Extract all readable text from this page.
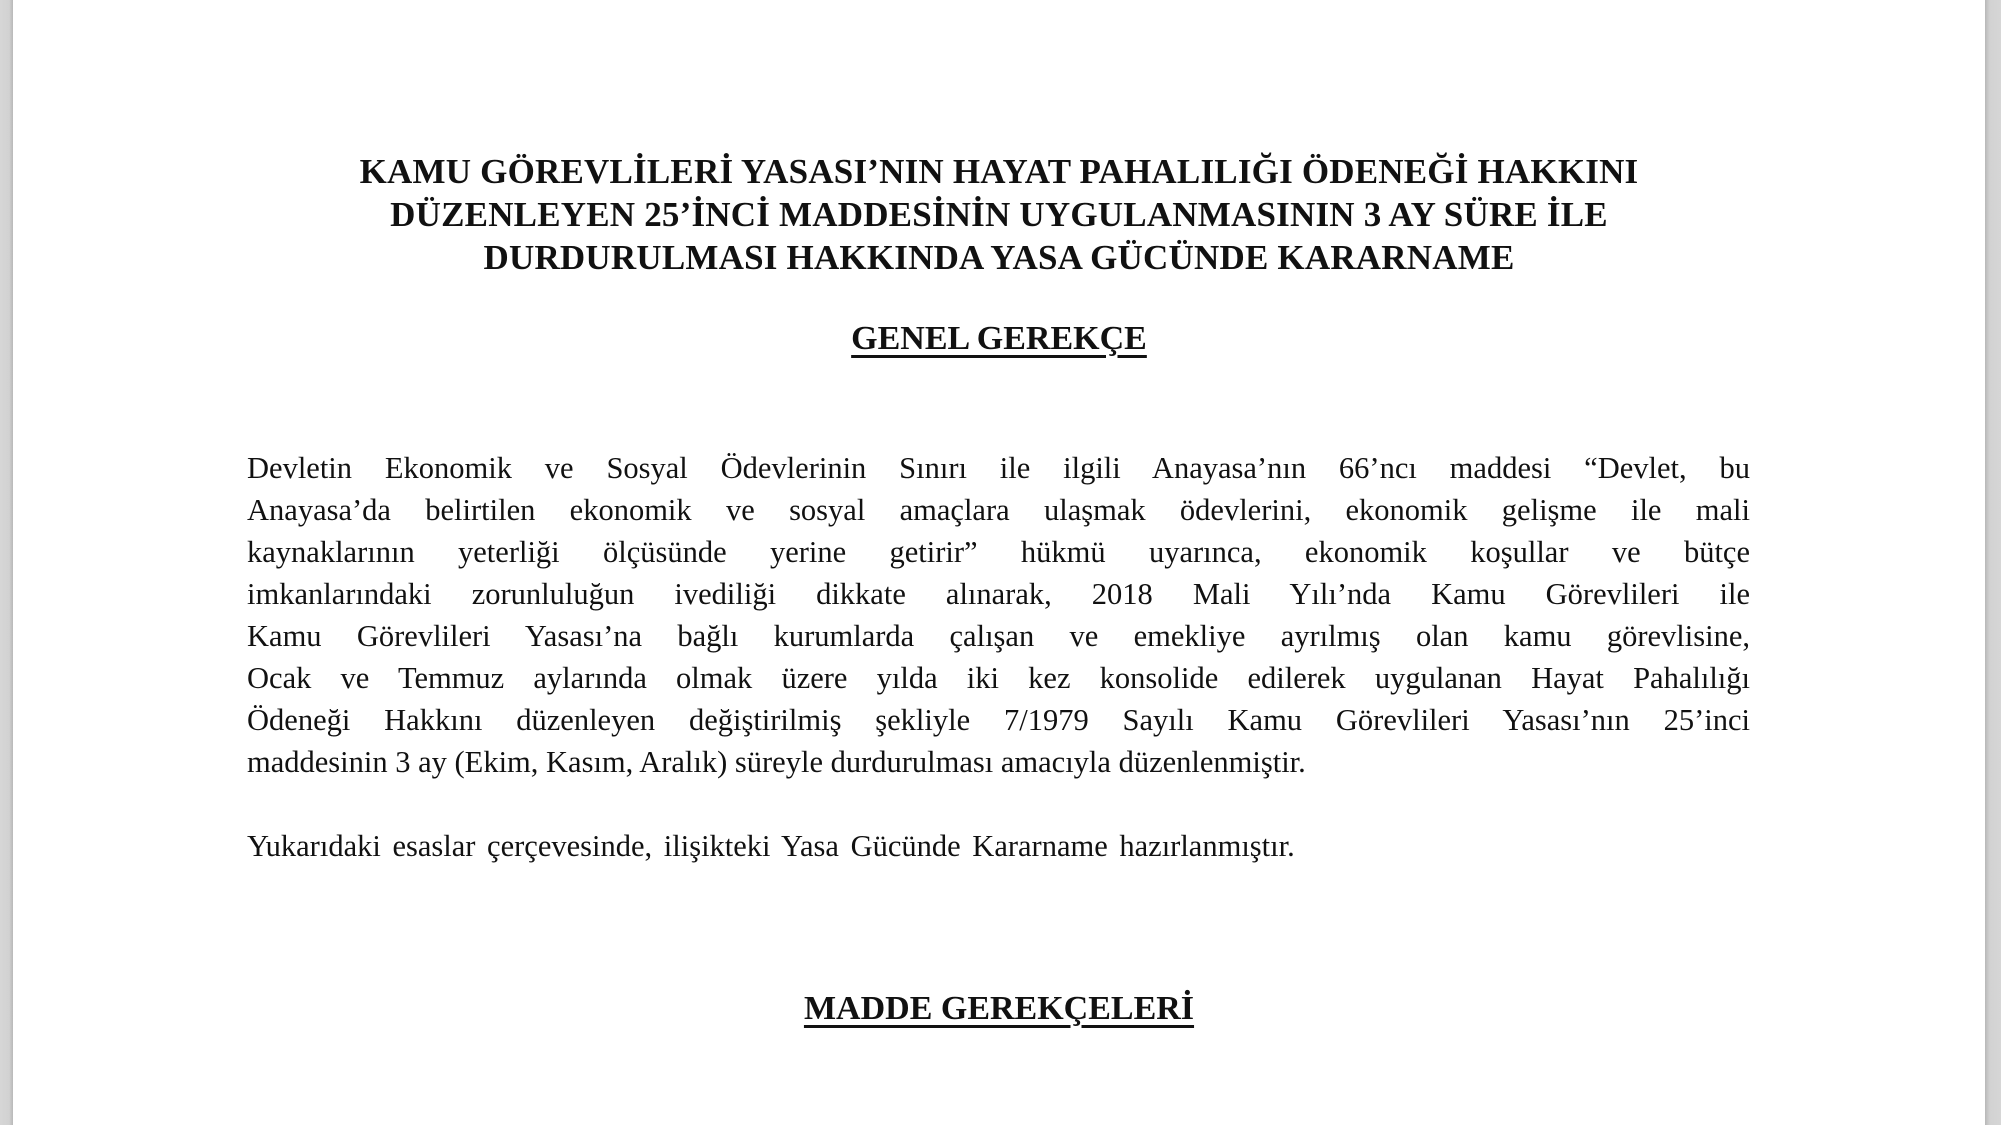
KAMU GÖREVLİLERİ YASASI’NIN HAYAT PAHALILIĞI ÖDENEĞİ HAKKINI
DÜZENLEYEN 25’İNCİ MADDESİNİN UYGULANMASININ 3 AY SÜRE İLE
DURDURULMASI HAKKINDA YASA GÜCÜNDE KARARNAME
GENEL GEREKÇE
Devletin Ekonomik ve Sosyal Ödevlerinin Sınırı ile ilgili Anayasa’nın 66’ncı maddesi “Devlet, bu
Anayasa’da belirtilen ekonomik ve sosyal amaçlara ulaşmak ödevlerini, ekonomik gelişme ile mali
kaynaklarının yeterliği ölçüsünde yerine getirir” hükmü uyarınca, ekonomik koşullar ve bütçe
imkanlarındaki zorunluluğun ivediliği dikkate alınarak, 2018 Mali Yılı’nda Kamu Görevlileri ile
Kamu Görevlileri Yasası’na bağlı kurumlarda çalışan ve emekliye ayrılmış olan kamu görevlisine,
Ocak ve Temmuz aylarında olmak üzere yılda iki kez konsolide edilerek uygulanan Hayat Pahalılığı
Ödeneği Hakkını düzenleyen değiştirilmiş şekliyle 7/1979 Sayılı Kamu Görevlileri Yasası’nın 25’inci
maddesinin 3 ay (Ekim, Kasım, Aralık) süreyle durdurulması amacıyla düzenlenmiştir.
Yukarıdaki esaslar çerçevesinde, ilişikteki Yasa Gücünde Kararname hazırlanmıştır.
MADDE GEREKÇELERİ
